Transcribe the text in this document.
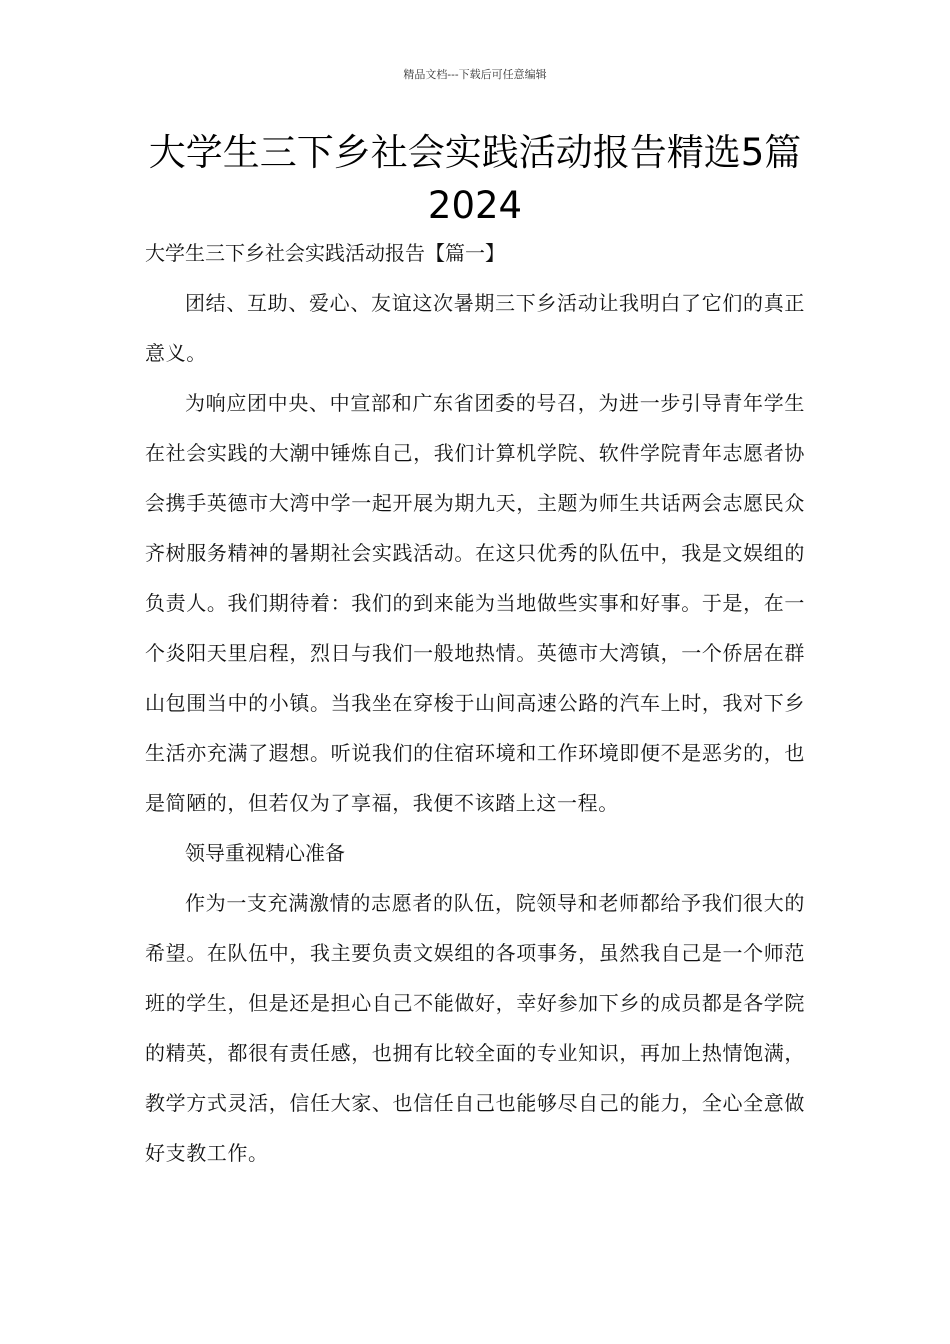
精品文档---下载后可任意编辑
大学生三下乡社会实践活动报告精选5篇2024

大学生三下乡社会实践活动报告【篇一】

团结、互助、爱心、友谊这次暑期三下乡活动让我明白了它们的真正意义。

为响应团中央、中宣部和广东省团委的号召，为进一步引导青年学生在社会实践的大潮中锤炼自己，我们计算机学院、软件学院青年志愿者协会携手英德市大湾中学一起开展为期九天，主题为师生共话两会志愿民众齐树服务精神的暑期社会实践活动。在这只优秀的队伍中，我是文娱组的负责人。我们期待着：我们的到来能为当地做些实事和好事。于是，在一个炎阳天里启程，烈日与我们一般地热情。英德市大湾镇，一个侨居在群山包围当中的小镇。当我坐在穿梭于山间高速公路的汽车上时，我对下乡生活亦充满了遐想。听说我们的住宿环境和工作环境即便不是恶劣的，也是简陋的，但若仅为了享福，我便不该踏上这一程。

领导重视精心准备

作为一支充满激情的志愿者的队伍，院领导和老师都给予我们很大的希望。在队伍中，我主要负责文娱组的各项事务，虽然我自己是一个师范班的学生，但是还是担心自己不能做好，幸好参加下乡的成员都是各学院的精英，都很有责任感，也拥有比较全面的专业知识，再加上热情饱满，教学方式灵活，信任大家、也信任自己也能够尽自己的能力，全心全意做好支教工作。
